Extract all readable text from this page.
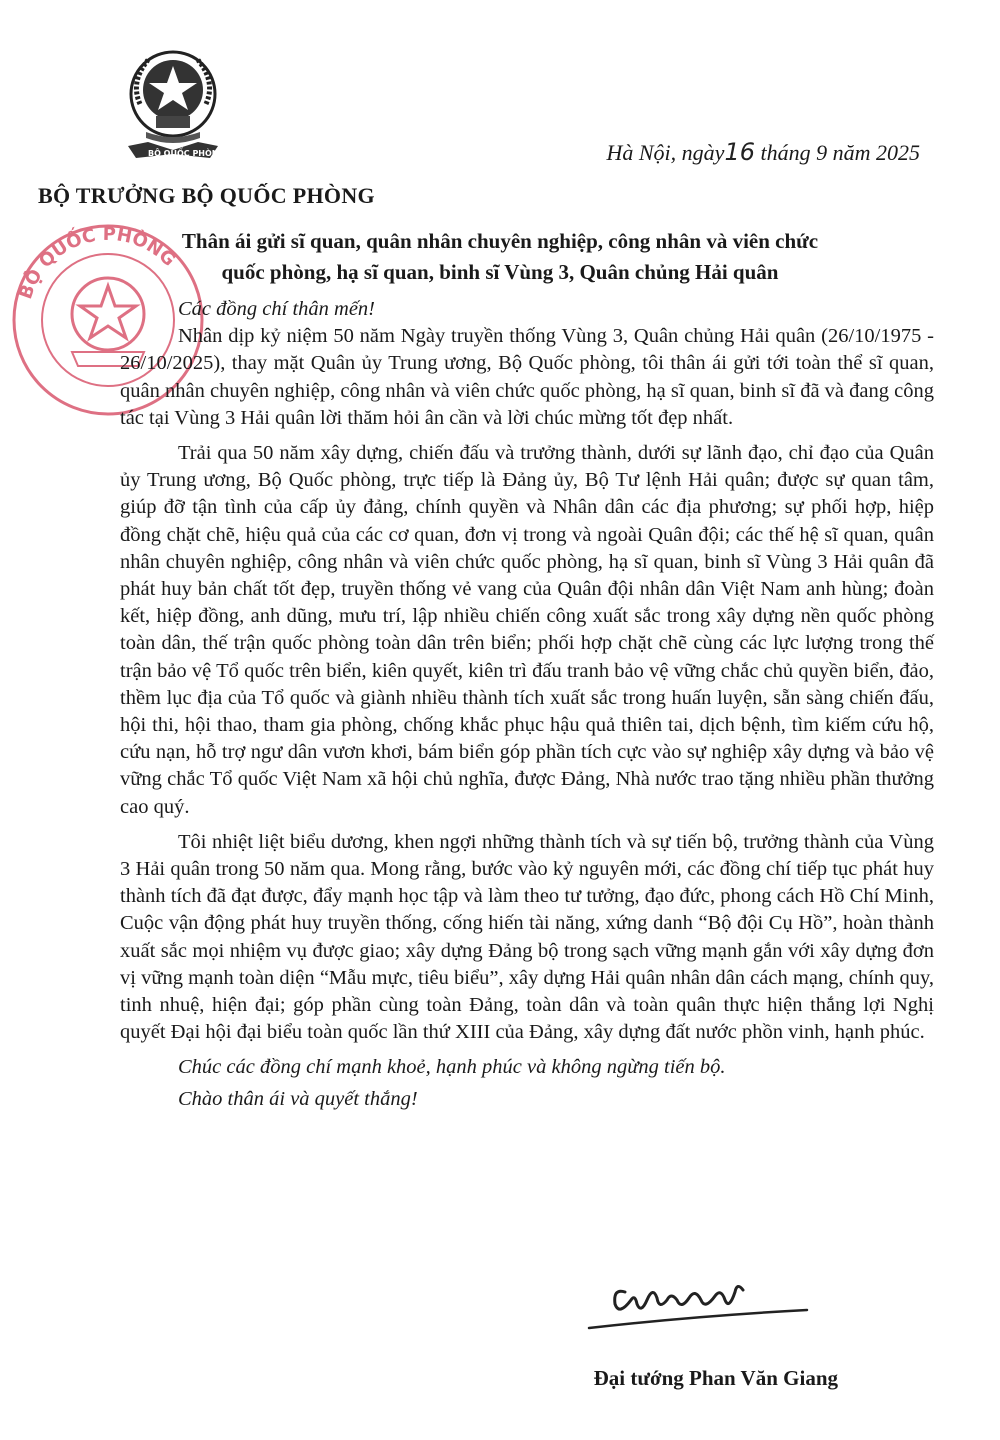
BỘ QUỐC PHÒNG
BỘ QUỐC PHÒNG
BỘ TRƯỞNG BỘ QUỐC PHÒNG
Hà Nội, ngày16 tháng 9 năm 2025
Thân ái gửi sĩ quan, quân nhân chuyên nghiệp, công nhân và viên chức
quốc phòng, hạ sĩ quan, binh sĩ Vùng 3, Quân chủng Hải quân

Các đồng chí thân mến!

Nhân dịp kỷ niệm 50 năm Ngày truyền thống Vùng 3, Quân chủng Hải quân (26/10/1975 - 26/10/2025), thay mặt Quân ủy Trung ương, Bộ Quốc phòng, tôi thân ái gửi tới toàn thể sĩ quan, quân nhân chuyên nghiệp, công nhân và viên chức quốc phòng, hạ sĩ quan, binh sĩ đã và đang công tác tại Vùng 3 Hải quân lời thăm hỏi ân cần và lời chúc mừng tốt đẹp nhất.

Trải qua 50 năm xây dựng, chiến đấu và trưởng thành, dưới sự lãnh đạo, chỉ đạo của Quân ủy Trung ương, Bộ Quốc phòng, trực tiếp là Đảng ủy, Bộ Tư lệnh Hải quân; được sự quan tâm, giúp đỡ tận tình của cấp ủy đảng, chính quyền và Nhân dân các địa phương; sự phối hợp, hiệp đồng chặt chẽ, hiệu quả của các cơ quan, đơn vị trong và ngoài Quân đội; các thế hệ sĩ quan, quân nhân chuyên nghiệp, công nhân và viên chức quốc phòng, hạ sĩ quan, binh sĩ Vùng 3 Hải quân đã phát huy bản chất tốt đẹp, truyền thống vẻ vang của Quân đội nhân dân Việt Nam anh hùng; đoàn kết, hiệp đồng, anh dũng, mưu trí, lập nhiều chiến công xuất sắc trong xây dựng nền quốc phòng toàn dân, thế trận quốc phòng toàn dân trên biển; phối hợp chặt chẽ cùng các lực lượng trong thế trận bảo vệ Tổ quốc trên biển, kiên quyết, kiên trì đấu tranh bảo vệ vững chắc chủ quyền biển, đảo, thềm lục địa của Tổ quốc và giành nhiều thành tích xuất sắc trong huấn luyện, sẵn sàng chiến đấu, hội thi, hội thao, tham gia phòng, chống khắc phục hậu quả thiên tai, dịch bệnh, tìm kiếm cứu hộ, cứu nạn, hỗ trợ ngư dân vươn khơi, bám biển góp phần tích cực vào sự nghiệp xây dựng và bảo vệ vững chắc Tổ quốc Việt Nam xã hội chủ nghĩa, được Đảng, Nhà nước trao tặng nhiều phần thưởng cao quý.

Tôi nhiệt liệt biểu dương, khen ngợi những thành tích và sự tiến bộ, trưởng thành của Vùng 3 Hải quân trong 50 năm qua. Mong rằng, bước vào kỷ nguyên mới, các đồng chí tiếp tục phát huy thành tích đã đạt được, đẩy mạnh học tập và làm theo tư tưởng, đạo đức, phong cách Hồ Chí Minh, Cuộc vận động phát huy truyền thống, cống hiến tài năng, xứng danh “Bộ đội Cụ Hồ”, hoàn thành xuất sắc mọi nhiệm vụ được giao; xây dựng Đảng bộ trong sạch vững mạnh gắn với xây dựng đơn vị vững mạnh toàn diện “Mẫu mực, tiêu biểu”, xây dựng Hải quân nhân dân cách mạng, chính quy, tinh nhuệ, hiện đại; góp phần cùng toàn Đảng, toàn dân và toàn quân thực hiện thắng lợi Nghị quyết Đại hội đại biểu toàn quốc lần thứ XIII của Đảng, xây dựng đất nước phồn vinh, hạnh phúc.

Chúc các đồng chí mạnh khoẻ, hạnh phúc và không ngừng tiến bộ.

Chào thân ái và quyết thắng!

Đại tướng Phan Văn Giang
